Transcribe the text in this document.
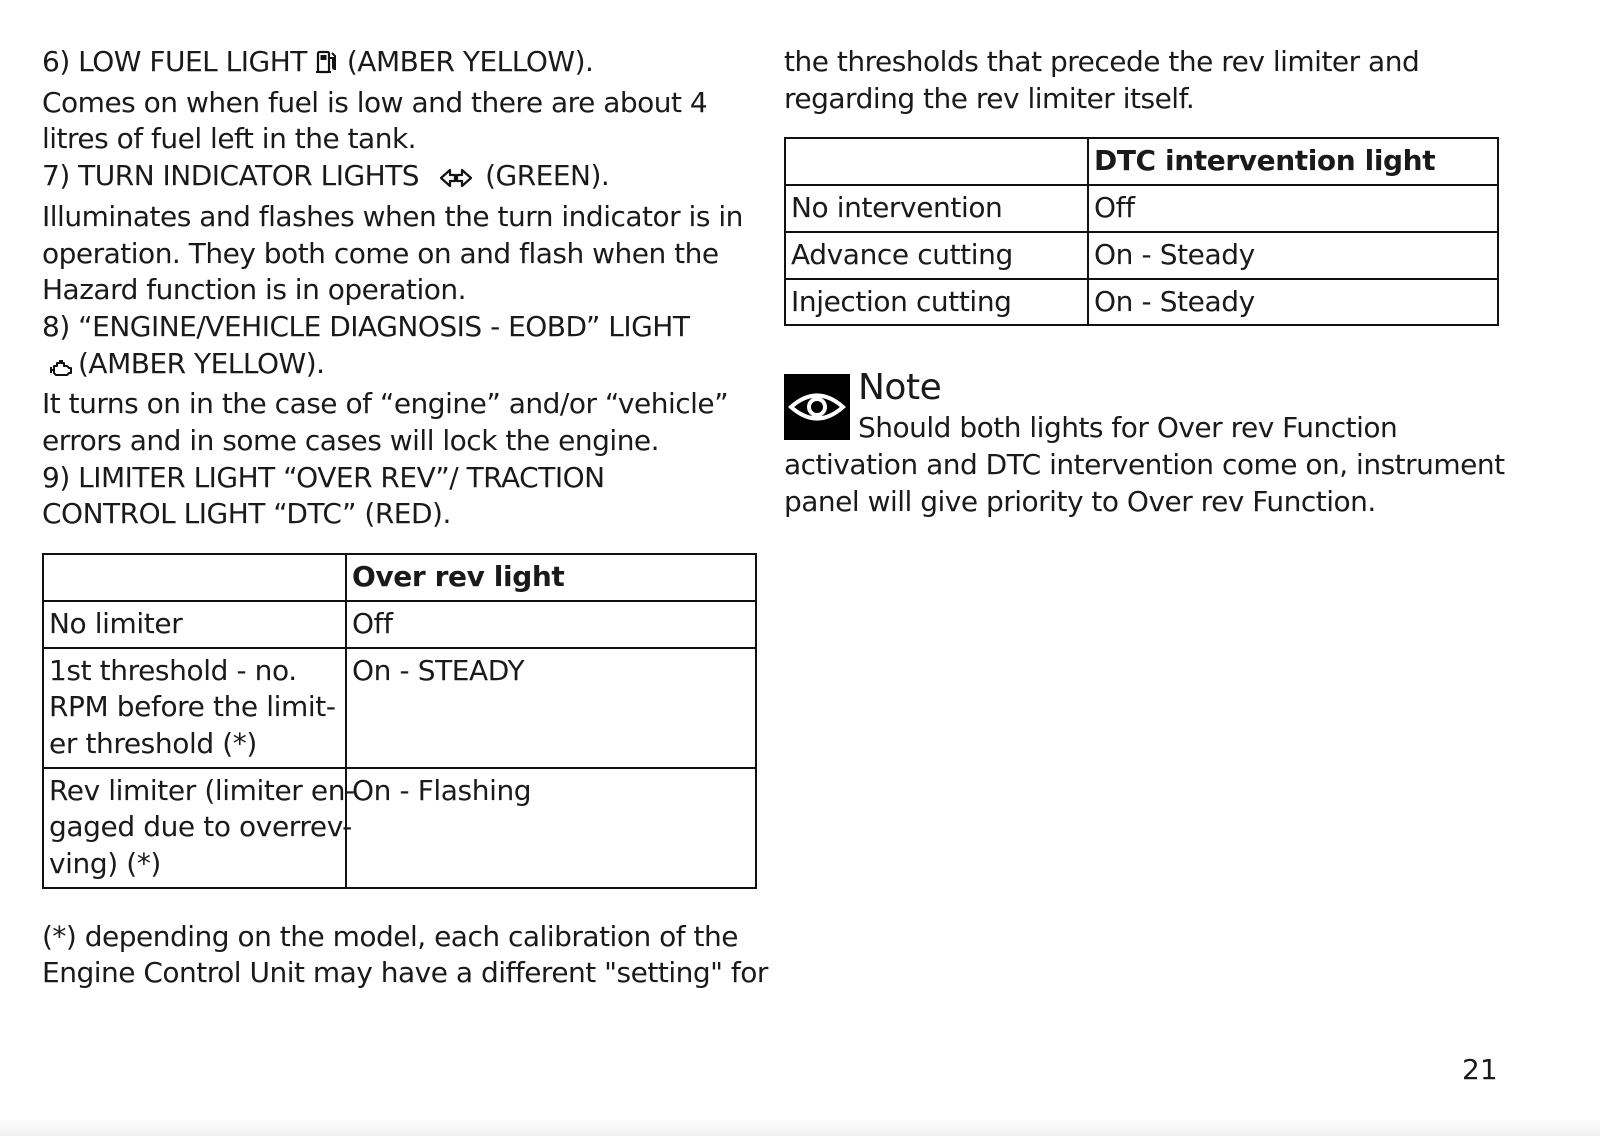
6) LOW FUEL LIGHT (AMBER YELLOW).
Comes on when fuel is low and there are about 4
litres of fuel left in the tank.

7) TURN INDICATOR LIGHTS (GREEN).
Illuminates and flashes when the turn indicator is in
operation. They both come on and flash when the
Hazard function is in operation.

8) “ENGINE/VEHICLE DIAGNOSIS - EOBD” LIGHT
(AMBER YELLOW).
It turns on in the case of “engine” and/or “vehicle”
errors and in some cases will lock the engine.

9) LIMITER LIGHT “OVER REV”/ TRACTION
CONTROL LIGHT “DTC” (RED).

	Over rev light
No limiter	Off
1st threshold - no.
RPM before the limit-
er threshold (*)	On - STEADY
Rev limiter (limiter en-
gaged due to overrev-
ving) (*)	On - Flashing

(*) depending on the model, each calibration of the
Engine Control Unit may have a different "setting" for

the thresholds that precede the rev limiter and
regarding the rev limiter itself.

	DTC intervention light
No intervention	Off
Advance cutting	On - Steady
Injection cutting	On - Steady
Note
Should both lights for Over rev Function
activation and DTC intervention come on, instrument
panel will give priority to Over rev Function.
21
